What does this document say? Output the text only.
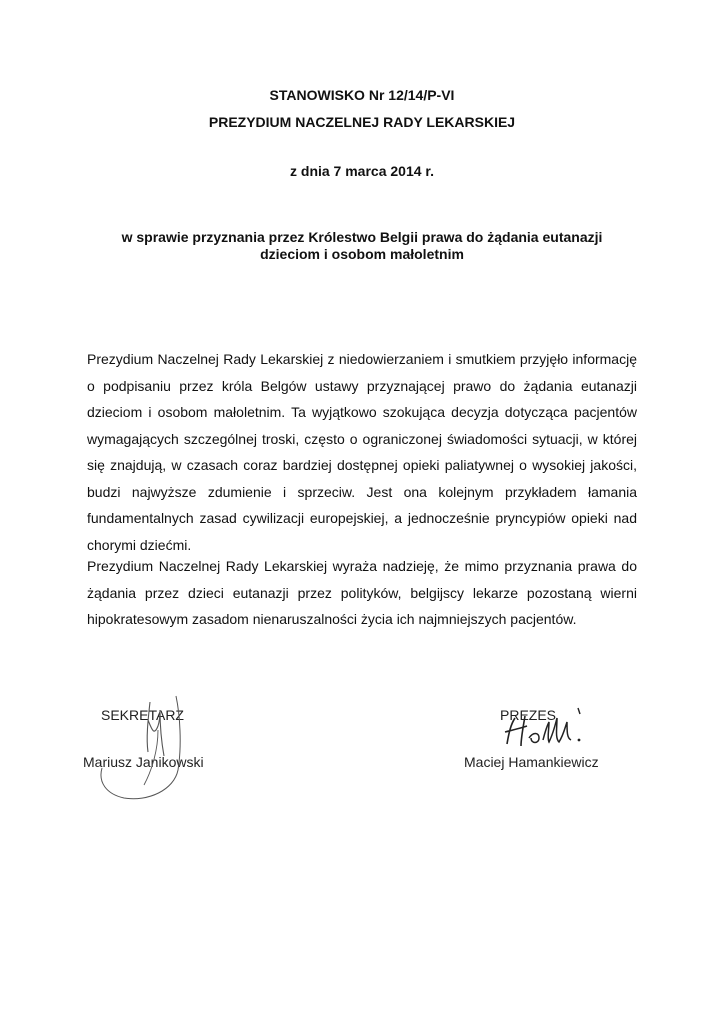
STANOWISKO Nr 12/14/P-VI
PREZYDIUM NACZELNEJ RADY LEKARSKIEJ
z dnia 7 marca 2014 r.
w sprawie przyznania przez Królestwo Belgii prawa do żądania eutanazji dzieciom i osobom małoletnim
Prezydium Naczelnej Rady Lekarskiej z niedowierzaniem i smutkiem przyjęło informację o podpisaniu przez króla Belgów ustawy przyznającej prawo do żądania eutanazji dzieciom i osobom małoletnim. Ta wyjątkowo szokująca decyzja dotycząca pacjentów wymagających szczególnej troski, często o ograniczonej świadomości sytuacji, w której się znajdują, w czasach coraz bardziej dostępnej opieki paliatywnej o wysokiej jakości, budzi najwyższe zdumienie i sprzeciw. Jest ona kolejnym przykładem łamania fundamentalnych zasad cywilizacji europejskiej, a jednocześnie pryncypiów opieki nad chorymi dziećmi.
Prezydium Naczelnej Rady Lekarskiej wyraża nadzieję, że mimo przyznania prawa do żądania przez dzieci eutanazji przez polityków, belgijscy lekarze pozostaną wierni hipokratesowym zasadom nienaruszalności życia ich najmniejszych pacjentów.
SEKRETARZ
Mariusz Janikowski
PREZES
Maciej Hamankiewicz
